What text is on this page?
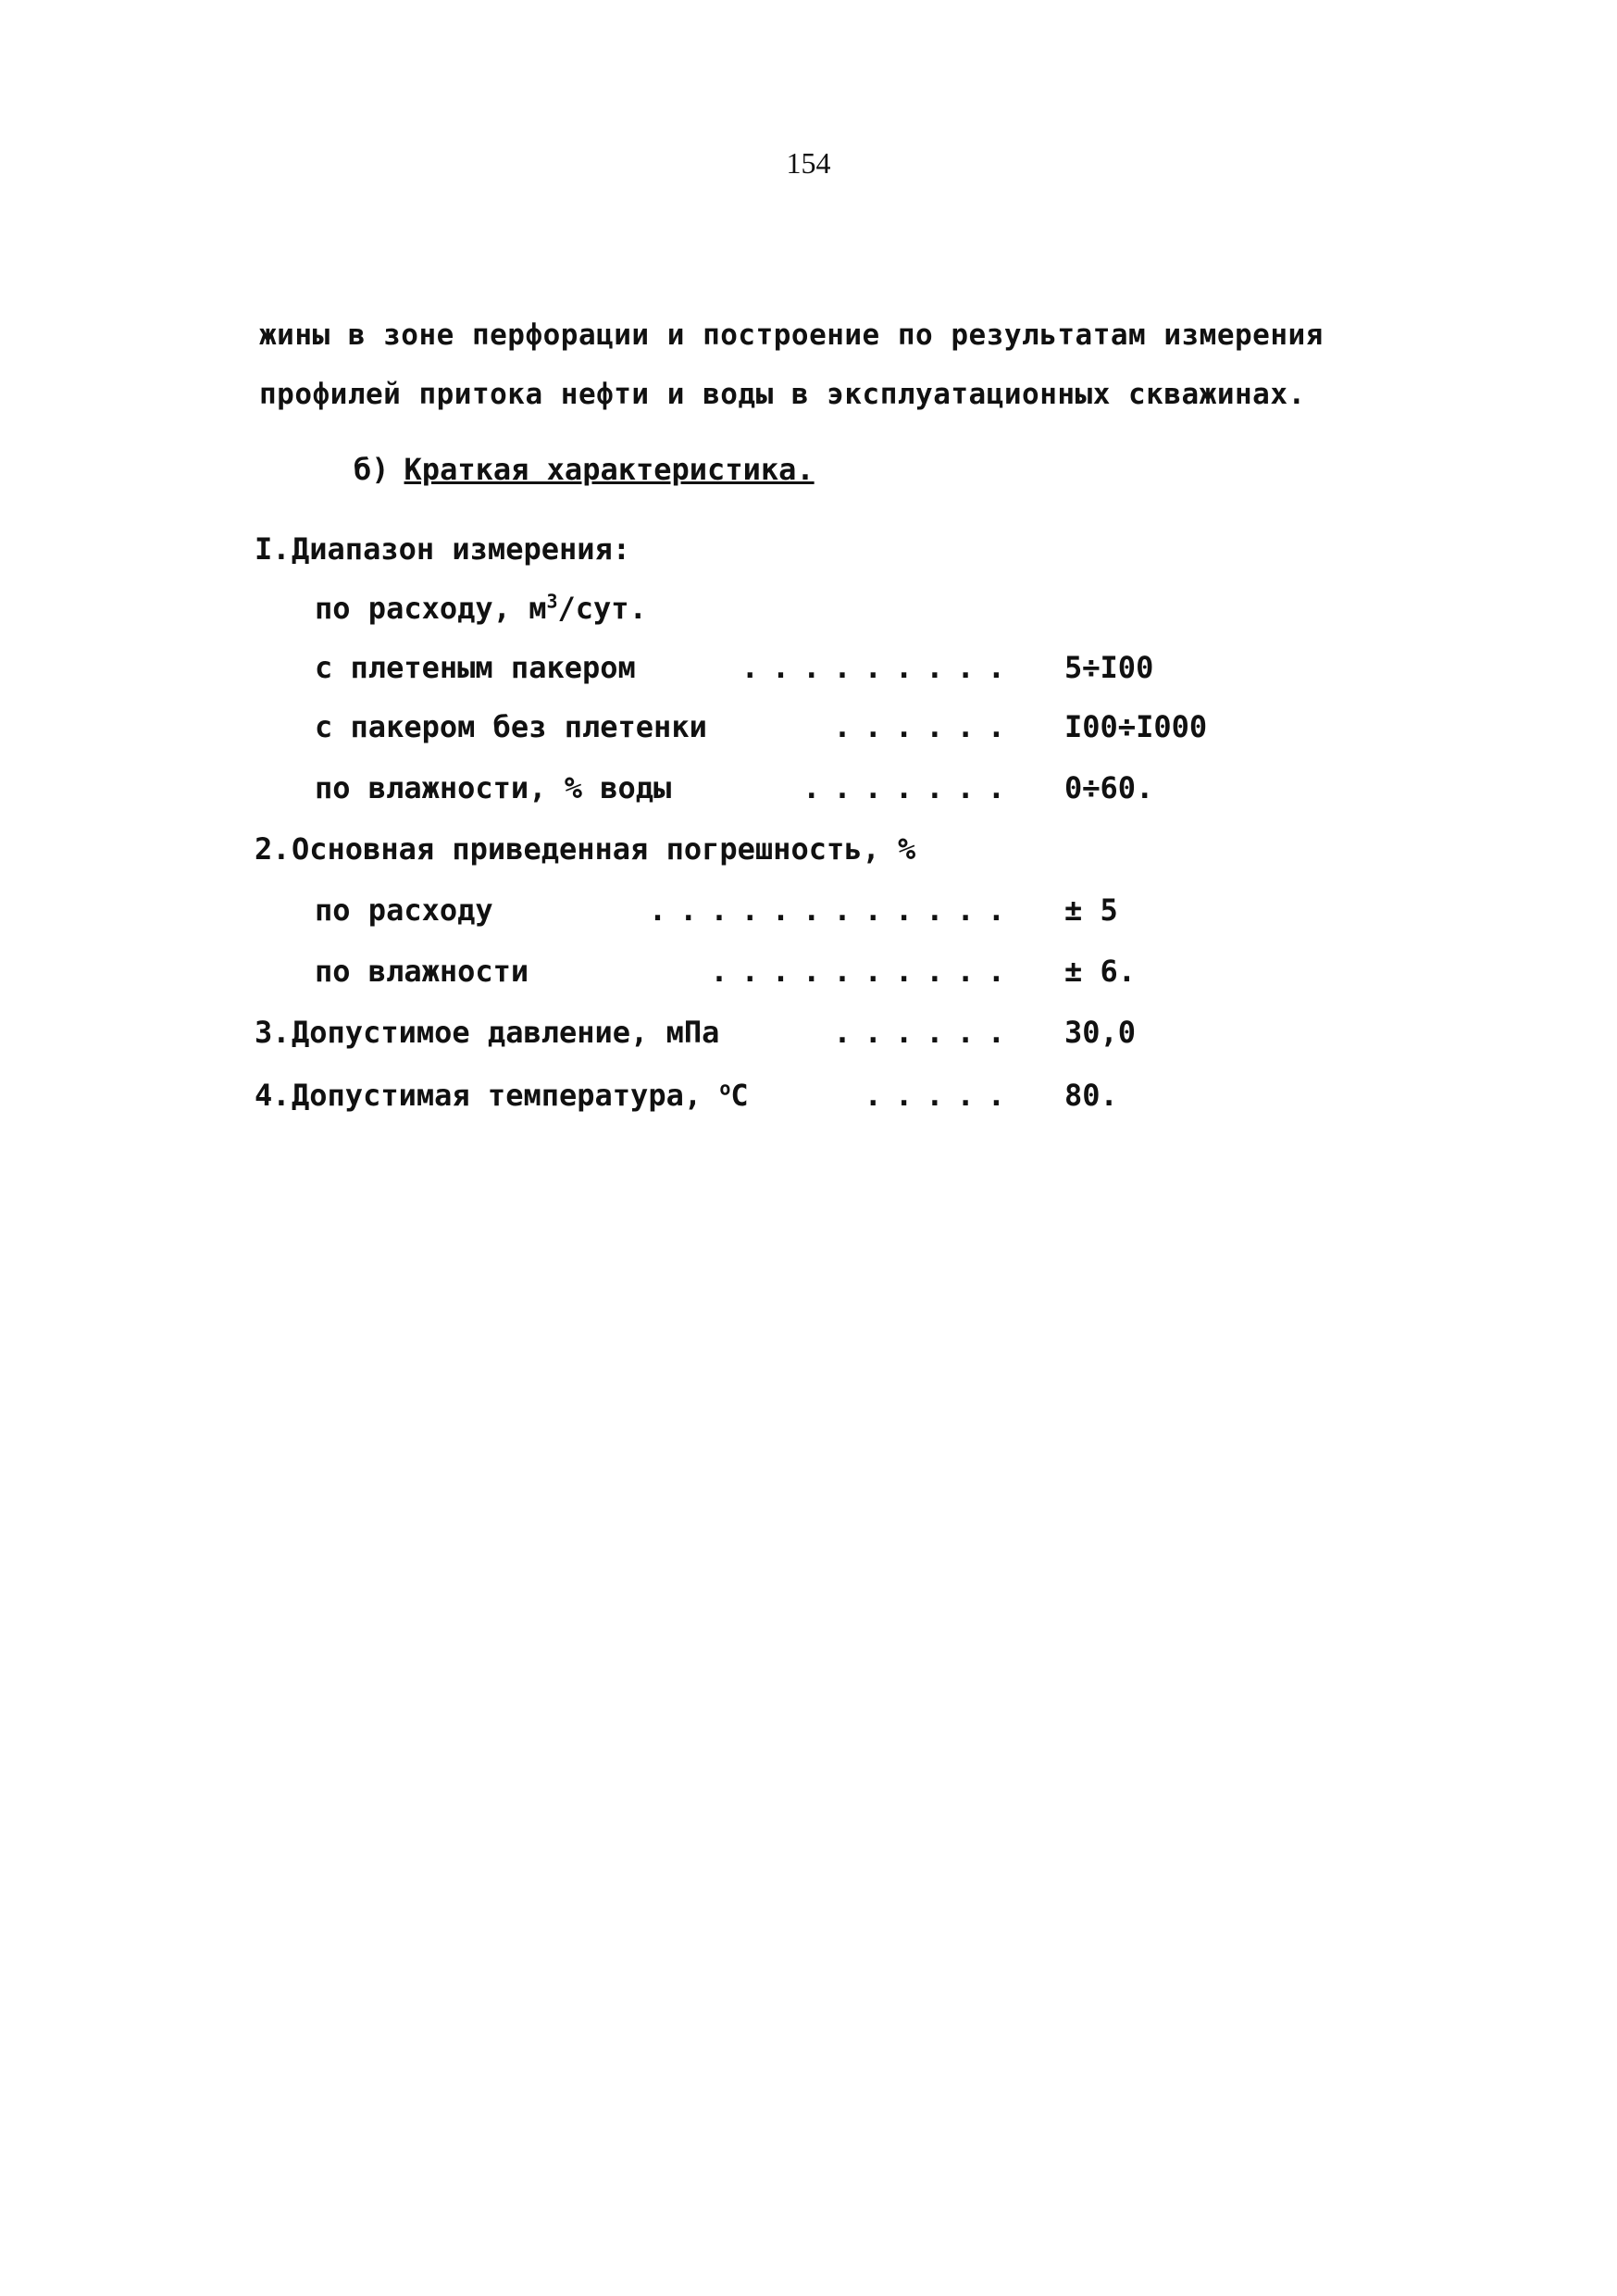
154
жины в зоне перфорации и построение по результатам измерения
профилей притока нефти и воды в эксплуатационных скважинах.
б) Краткая характеристика.
I.Диапазон измерения:
по расходу, $м^3$/сут.
с плетеным пакером	......... 5÷I00
с пакером без плетенки	...... I00÷I000
по влажности, % воды	....... 0÷60.
2.Основная приведенная погрешность, %
по расходу	............ ± 5
по влажности	.......... ± 6.
3.Допустимое давление, мПа	...... 30,0
4.Допустимая температура, $^о$С	..... 80.
